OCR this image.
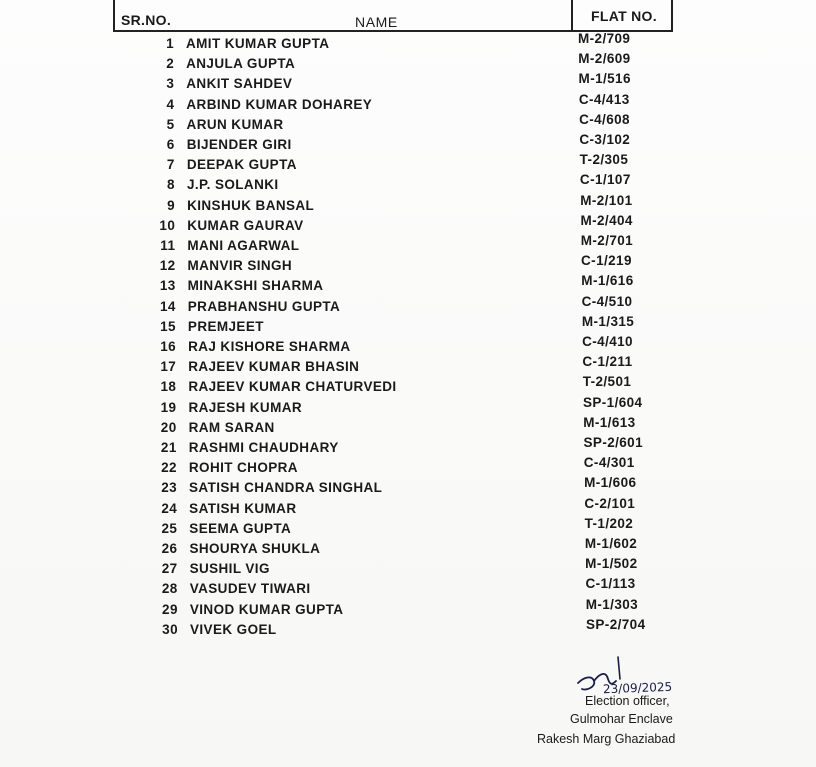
SR.NO.	NAME	FLAT NO.
1 AMIT KUMAR GUPTA	M-2/709
2 ANJULA GUPTA	M-2/609
3 ANKIT SAHDEV	M-1/516
4 ARBIND KUMAR DOHAREY	C-4/413
5 ARUN KUMAR	C-4/608
6 BIJENDER GIRI	C-3/102
7 DEEPAK GUPTA	T-2/305
8 J.P. SOLANKI	C-1/107
9 KINSHUK BANSAL	M-2/101
10 KUMAR GAURAV	M-2/404
11 MANI AGARWAL	M-2/701
12 MANVIR SINGH	C-1/219
13 MINAKSHI SHARMA	M-1/616
14 PRABHANSHU GUPTA	C-4/510
15 PREMJEET	M-1/315
16 RAJ KISHORE SHARMA	C-4/410
17 RAJEEV KUMAR BHASIN	C-1/211
18 RAJEEV KUMAR CHATURVEDI	T-2/501
19 RAJESH KUMAR	SP-1/604
20 RAM SARAN	M-1/613
21 RASHMI CHAUDHARY	SP-2/601
22 ROHIT CHOPRA	C-4/301
23 SATISH CHANDRA SINGHAL	M-1/606
24 SATISH KUMAR	C-2/101
25 SEEMA GUPTA	T-1/202
26 SHOURYA SHUKLA	M-1/602
27 SUSHIL VIG	M-1/502
28 VASUDEV TIWARI	C-1/113
29 VINOD KUMAR GUPTA	M-1/303
30 VIVEK GOEL	SP-2/704
23/09/2025
Election officer,
Gulmohar Enclave
Rakesh Marg Ghaziabad
